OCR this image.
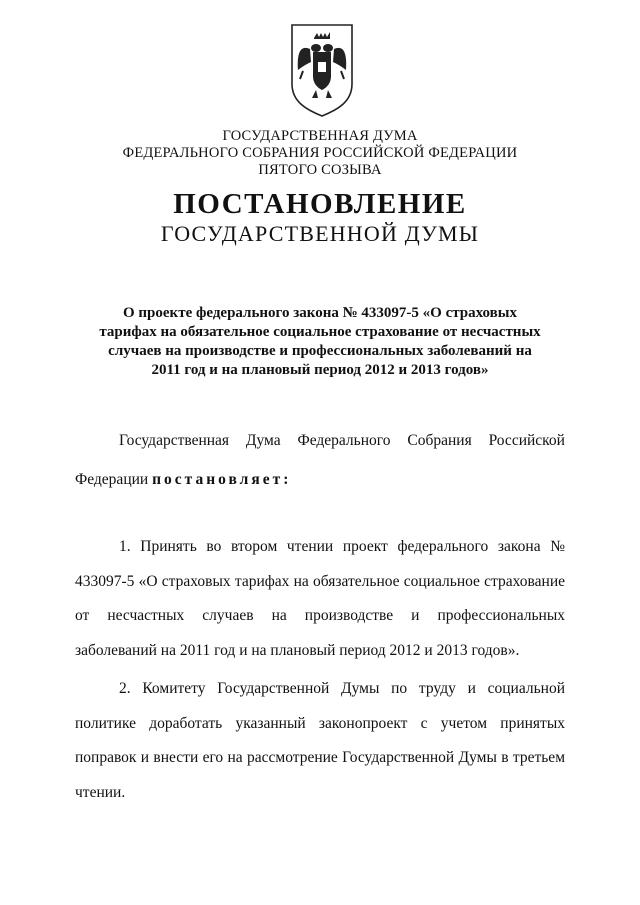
ГОСУДАРСТВЕННАЯ ДУМА
ФЕДЕРАЛЬНОГО СОБРАНИЯ РОССИЙСКОЙ ФЕДЕРАЦИИ
ПЯТОГО СОЗЫВА
ПОСТАНОВЛЕНИЕ
ГОСУДАРСТВЕННОЙ ДУМЫ
О проекте федерального закона № 433097-5 «О страховых
тарифах на обязательное социальное страхование от несчастных
случаев на производстве и профессиональных заболеваний на
2011 год и на плановый период 2012 и 2013 годов»
Государственная Дума Федерального Собрания Российской
Федерации постановляет:
1. Принять во втором чтении проект федерального закона № 433097-5 «О страховых тарифах на обязательное социальное страхование от несчастных случаев на производстве и профессиональных заболеваний на 2011 год и на плановый период 2012 и 2013 годов».
2. Комитету Государственной Думы по труду и социальной политике доработать указанный законопроект с учетом принятых поправок и внести его на рассмотрение Государственной Думы в третьем чтении.
